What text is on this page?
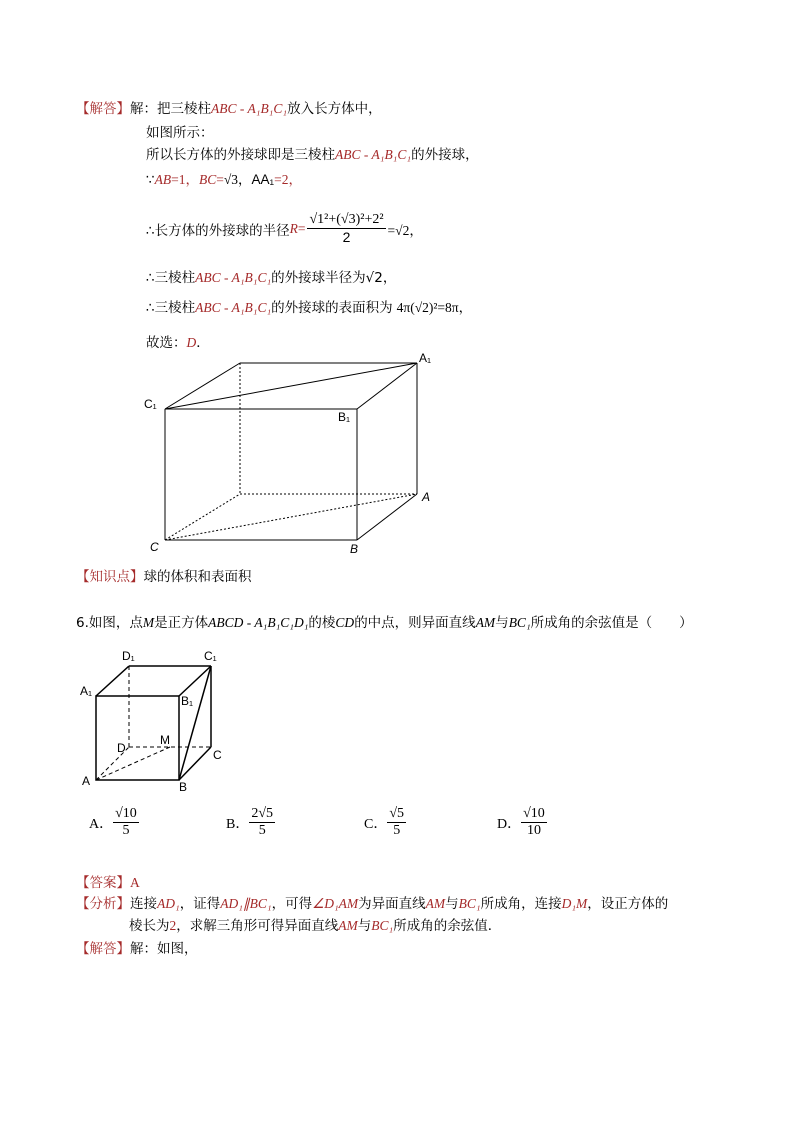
【解答】解：把三棱柱ABC - A₁B₁C₁放入长方体中，
如图所示：
所以长方体的外接球即是三棱柱ABC - A₁B₁C₁的外接球，
∵AB=1，BC=√3，AA₁=2，
∴长方体的外接球的半径 $R = \frac{\text{√1²+(√3)²+2²}}{2} =√2$，
∴三棱柱ABC - A₁B₁C₁的外接球半径为√2，
∴三棱柱ABC - A₁B₁C₁的外接球的表面积为 4π(√2)²=8π，
故选：D．
A₁
C₁
B₁
A
C	B
【知识点】球的体积和表面积
6.如图，点M是正方体ABCD - A₁B₁C₁D₁的棱CD的中点，则异面直线AM与BC₁所成角的余弦值是（　　）
D₁	C₁
A₁
B₁
D
M
C
A	B
A． $\frac{√10}{5}$	B． $\frac{2√5}{5}$	C． $\frac{√5}{5}$	D． $\frac{√10}{10}$
【答案】A
【分析】连接AD₁，证得AD₁∥BC₁，可得∠D₁AM为异面直线AM与BC₁所成角，连接D₁M，设正方体的
棱长为2，求解三角形可得异面直线AM与BC₁所成角的余弦值．
【解答】解：如图，
